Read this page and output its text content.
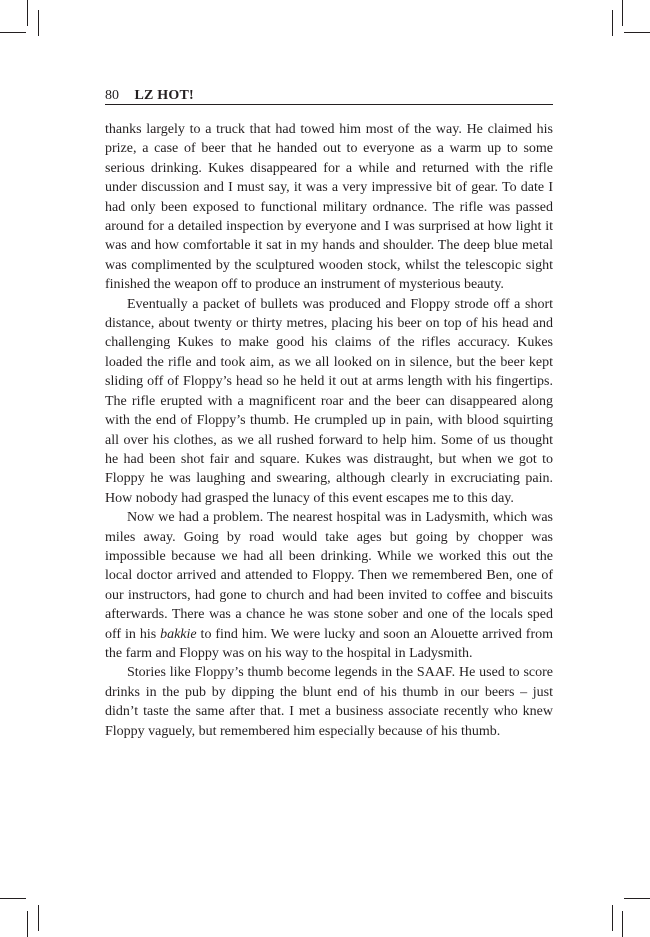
80 LZ HOT!

thanks largely to a truck that had towed him most of the way. He claimed his prize, a case of beer that he handed out to everyone as a warm up to some serious drinking. Kukes disappeared for a while and returned with the rifle under discussion and I must say, it was a very impressive bit of gear. To date I had only been exposed to functional military ordnance. The rifle was passed around for a detailed inspection by everyone and I was surprised at how light it was and how comfortable it sat in my hands and shoulder. The deep blue metal was complimented by the sculptured wooden stock, whilst the telescopic sight finished the weapon off to produce an instrument of mysterious beauty.

Eventually a packet of bullets was produced and Floppy strode off a short distance, about twenty or thirty metres, placing his beer on top of his head and challenging Kukes to make good his claims of the rifles accuracy. Kukes loaded the rifle and took aim, as we all looked on in silence, but the beer kept sliding off of Floppy’s head so he held it out at arms length with his fingertips. The rifle erupted with a magnificent roar and the beer can disappeared along with the end of Floppy’s thumb. He crumpled up in pain, with blood squirting all over his clothes, as we all rushed forward to help him. Some of us thought he had been shot fair and square. Kukes was distraught, but when we got to Floppy he was laughing and swearing, although clearly in excruciating pain. How nobody had grasped the lunacy of this event escapes me to this day.

Now we had a problem. The nearest hospital was in Ladysmith, which was miles away. Going by road would take ages but going by chopper was impossible because we had all been drinking. While we worked this out the local doctor arrived and attended to Floppy. Then we remembered Ben, one of our instructors, had gone to church and had been invited to coffee and biscuits afterwards. There was a chance he was stone sober and one of the locals sped off in his bakkie to find him. We were lucky and soon an Alouette arrived from the farm and Floppy was on his way to the hospital in Ladysmith.

Stories like Floppy’s thumb become legends in the SAAF. He used to score drinks in the pub by dipping the blunt end of his thumb in our beers – just didn’t taste the same after that. I met a business associate recently who knew Floppy vaguely, but remembered him especially because of his thumb.
